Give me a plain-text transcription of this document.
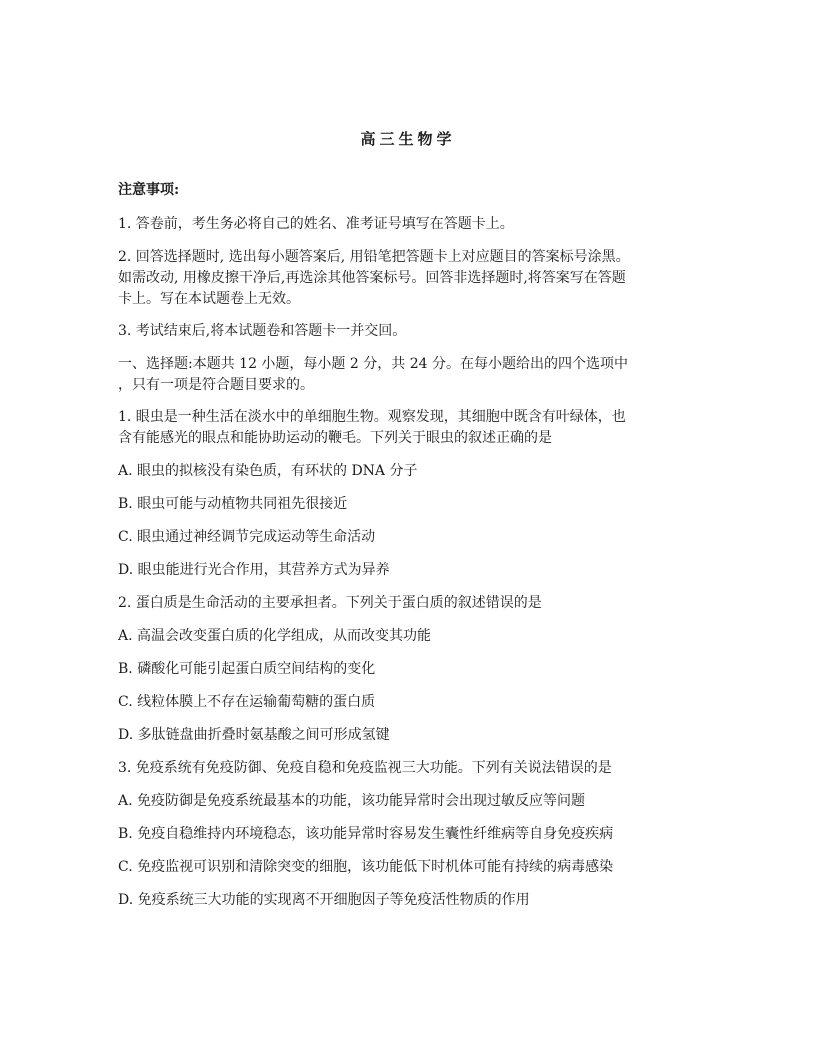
高三生物学
注意事项:
1. 答卷前，考生务必将自己的姓名、准考证号填写在答题卡上。
2. 回答选择题时, 选出每小题答案后, 用铅笔把答题卡上对应题目的答案标号涂黑。
如需改动, 用橡皮擦干净后,再选涂其他答案标号。回答非选择题时,将答案写在答题
卡上。写在本试题卷上无效。
3. 考试结束后,将本试题卷和答题卡一并交回。
一、选择题:本题共 12 小题，每小题 2 分，共 24 分。在每小题给出的四个选项中
，只有一项是符合题目要求的。
1. 眼虫是一种生活在淡水中的单细胞生物。观察发现，其细胞中既含有叶绿体，也
含有能感光的眼点和能协助运动的鞭毛。下列关于眼虫的叙述正确的是
A. 眼虫的拟核没有染色质，有环状的 DNA 分子
B. 眼虫可能与动植物共同祖先很接近
C. 眼虫通过神经调节完成运动等生命活动
D. 眼虫能进行光合作用，其营养方式为异养
2. 蛋白质是生命活动的主要承担者。下列关于蛋白质的叙述错误的是
A. 高温会改变蛋白质的化学组成，从而改变其功能
B. 磷酸化可能引起蛋白质空间结构的变化
C. 线粒体膜上不存在运输葡萄糖的蛋白质
D. 多肽链盘曲折叠时氨基酸之间可形成氢键
3. 免疫系统有免疫防御、免疫自稳和免疫监视三大功能。下列有关说法错误的是
A. 免疫防御是免疫系统最基本的功能，该功能异常时会出现过敏反应等问题
B. 免疫自稳维持内环境稳态，该功能异常时容易发生囊性纤维病等自身免疫疾病
C. 免疫监视可识别和清除突变的细胞，该功能低下时机体可能有持续的病毒感染
D. 免疫系统三大功能的实现离不开细胞因子等免疫活性物质的作用
